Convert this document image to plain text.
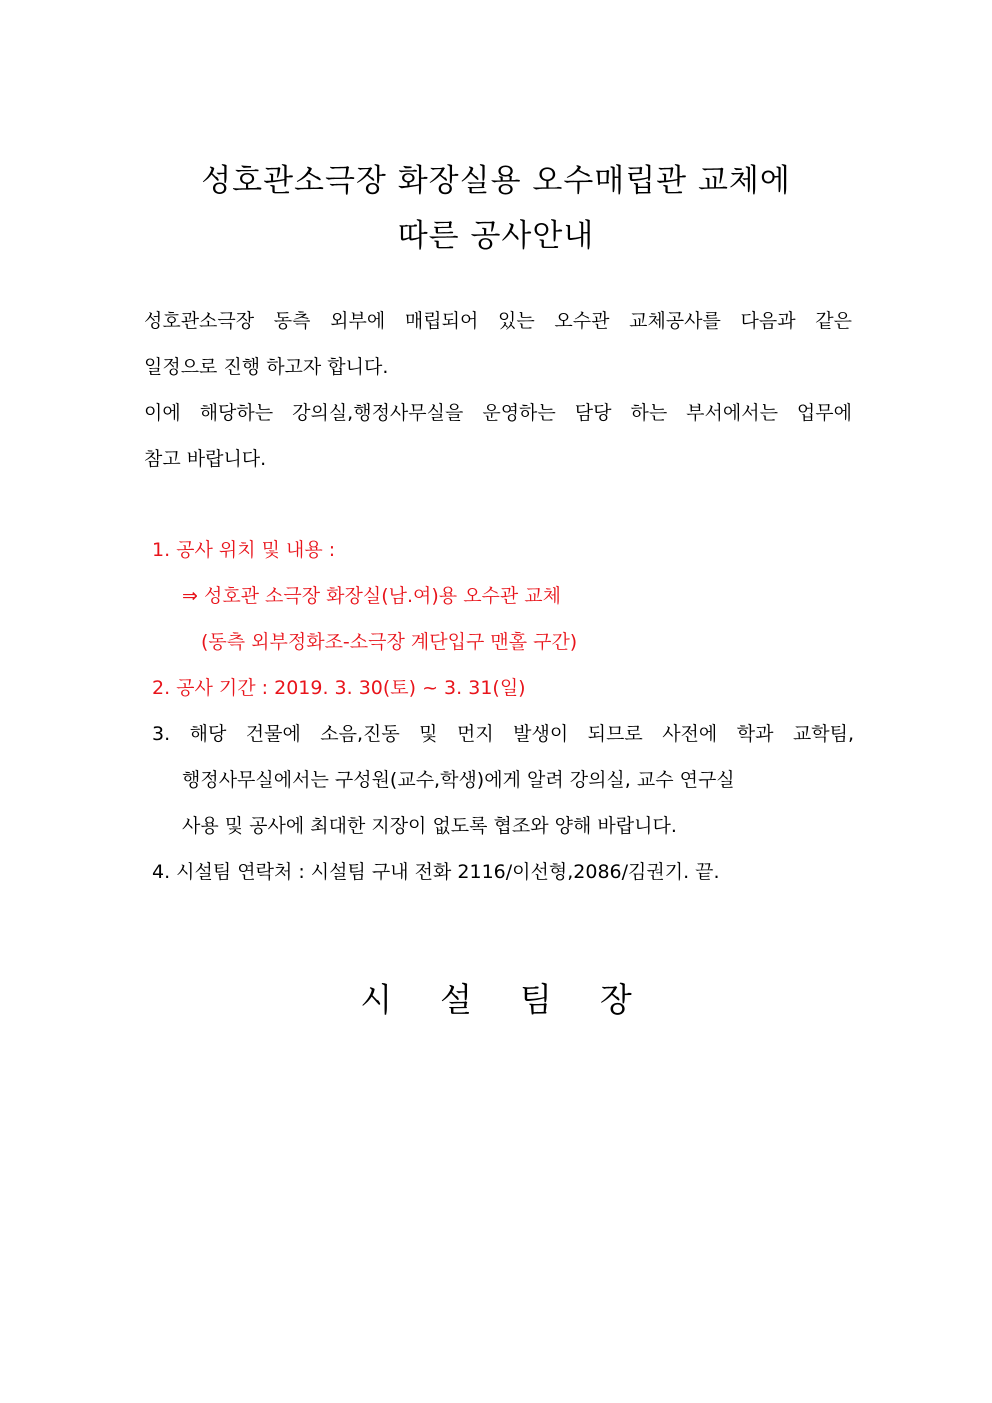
성호관소극장 화장실용 오수매립관 교체에
따른 공사안내
성호관소극장 동측 외부에 매립되어 있는 오수관 교체공사를 다음과 같은
일정으로 진행 하고자 합니다.
이에 해당하는 강의실,행정사무실을 운영하는 담당 하는 부서에서는 업무에
참고 바랍니다.
1. 공사 위치 및 내용 :
⇒ 성호관 소극장 화장실(남.여)용 오수관 교체
(동측 외부정화조-소극장 계단입구 맨홀 구간)
2. 공사 기간 : 2019. 3. 30(토) ~ 3. 31(일)
3. 해당 건물에 소음,진동 및 먼지 발생이 되므로 사전에 학과 교학팀,
행정사무실에서는 구성원(교수,학생)에게 알려 강의실, 교수 연구실
사용 및 공사에 최대한 지장이 없도록 협조와 양해 바랍니다.
4. 시설팀 연락처 : 시설팀 구내 전화 2116/이선형,2086/김권기. 끝.
시 설 팀 장
